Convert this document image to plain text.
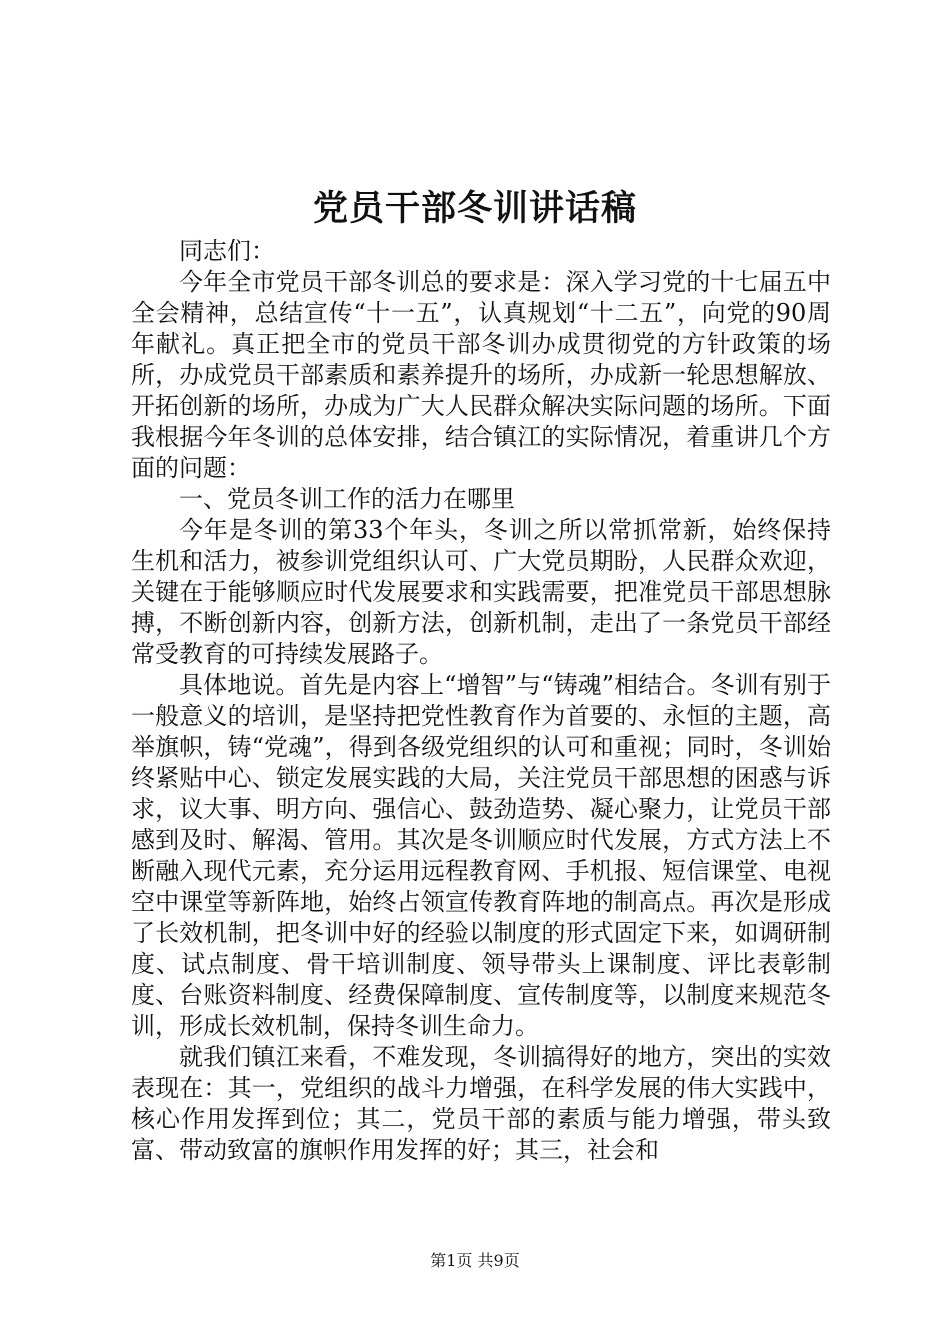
党员干部冬训讲话稿

同志们：

今年全市党员干部冬训总的要求是：深入学习党的十七届五中全会精神，总结宣传“十一五”，认真规划“十二五”，向党的90周年献礼。真正把全市的党员干部冬训办成贯彻党的方针政策的场所，办成党员干部素质和素养提升的场所，办成新一轮思想解放、开拓创新的场所，办成为广大人民群众解决实际问题的场所。下面我根据今年冬训的总体安排，结合镇江的实际情况，着重讲几个方面的问题：

一、党员冬训工作的活力在哪里

今年是冬训的第33个年头，冬训之所以常抓常新，始终保持生机和活力，被参训党组织认可、广大党员期盼，人民群众欢迎，关键在于能够顺应时代发展要求和实践需要，把准党员干部思想脉搏，不断创新内容，创新方法，创新机制，走出了一条党员干部经常受教育的可持续发展路子。

具体地说。首先是内容上“增智”与“铸魂”相结合。冬训有别于一般意义的培训，是坚持把党性教育作为首要的、永恒的主题，高举旗帜，铸“党魂”，得到各级党组织的认可和重视；同时，冬训始终紧贴中心、锁定发展实践的大局，关注党员干部思想的困惑与诉求，议大事、明方向、强信心、鼓劲造势、凝心聚力，让党员干部感到及时、解渴、管用。其次是冬训顺应时代发展，方式方法上不断融入现代元素，充分运用远程教育网、手机报、短信课堂、电视空中课堂等新阵地，始终占领宣传教育阵地的制高点。再次是形成了长效机制，把冬训中好的经验以制度的形式固定下来，如调研制度、试点制度、骨干培训制度、领导带头上课制度、评比表彰制度、台账资料制度、经费保障制度、宣传制度等，以制度来规范冬训，形成长效机制，保持冬训生命力。

就我们镇江来看，不难发现，冬训搞得好的地方，突出的实效表现在：其一，党组织的战斗力增强，在科学发展的伟大实践中，核心作用发挥到位；其二，党员干部的素质与能力增强，带头致富、带动致富的旗帜作用发挥的好；其三，社会和

第1页 共9页
